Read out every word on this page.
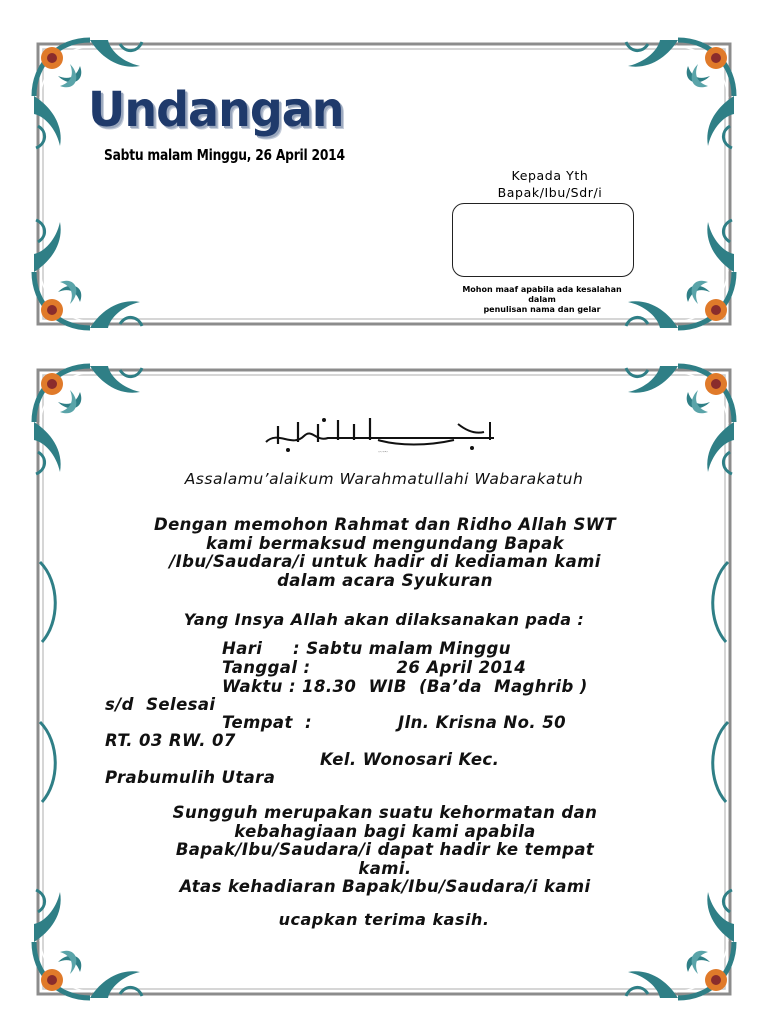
Undangan
Sabtu malam Minggu, 26 April 2014
Kepada Yth
Bapak/Ibu/Sdr/i
Mohon maaf apabila ada kesalahan dalam
penulisan nama dan gelar
بِسْمِ اللّٰهِ الرَّحْمٰنِ الرَّحِيْمِ
Assalamu’alaikum Warahmatullahi Wabarakatuh
Dengan memohon Rahmat dan Ridho Allah SWT
kami bermaksud mengundang Bapak
/Ibu/Saudara/i untuk hadir di kediaman kami
dalam acara Syukuran
Yang Insya Allah akan dilaksanakan pada :
Hari     : Sabtu malam Minggu
Tanggal :              26 April 2014
Waktu : 18.30  WIB  (Ba’da  Maghrib )
s/d  Selesai
Tempat  :              Jln. Krisna No. 50
RT. 03 RW. 07
Kel. Wonosari Kec.
Prabumulih Utara
Sungguh merupakan suatu kehormatan dan
kebahagiaan bagi kami apabila
Bapak/Ibu/Saudara/i dapat hadir ke tempat
kami.
Atas kehadiaran Bapak/Ibu/Saudara/i kami
ucapkan terima kasih.
